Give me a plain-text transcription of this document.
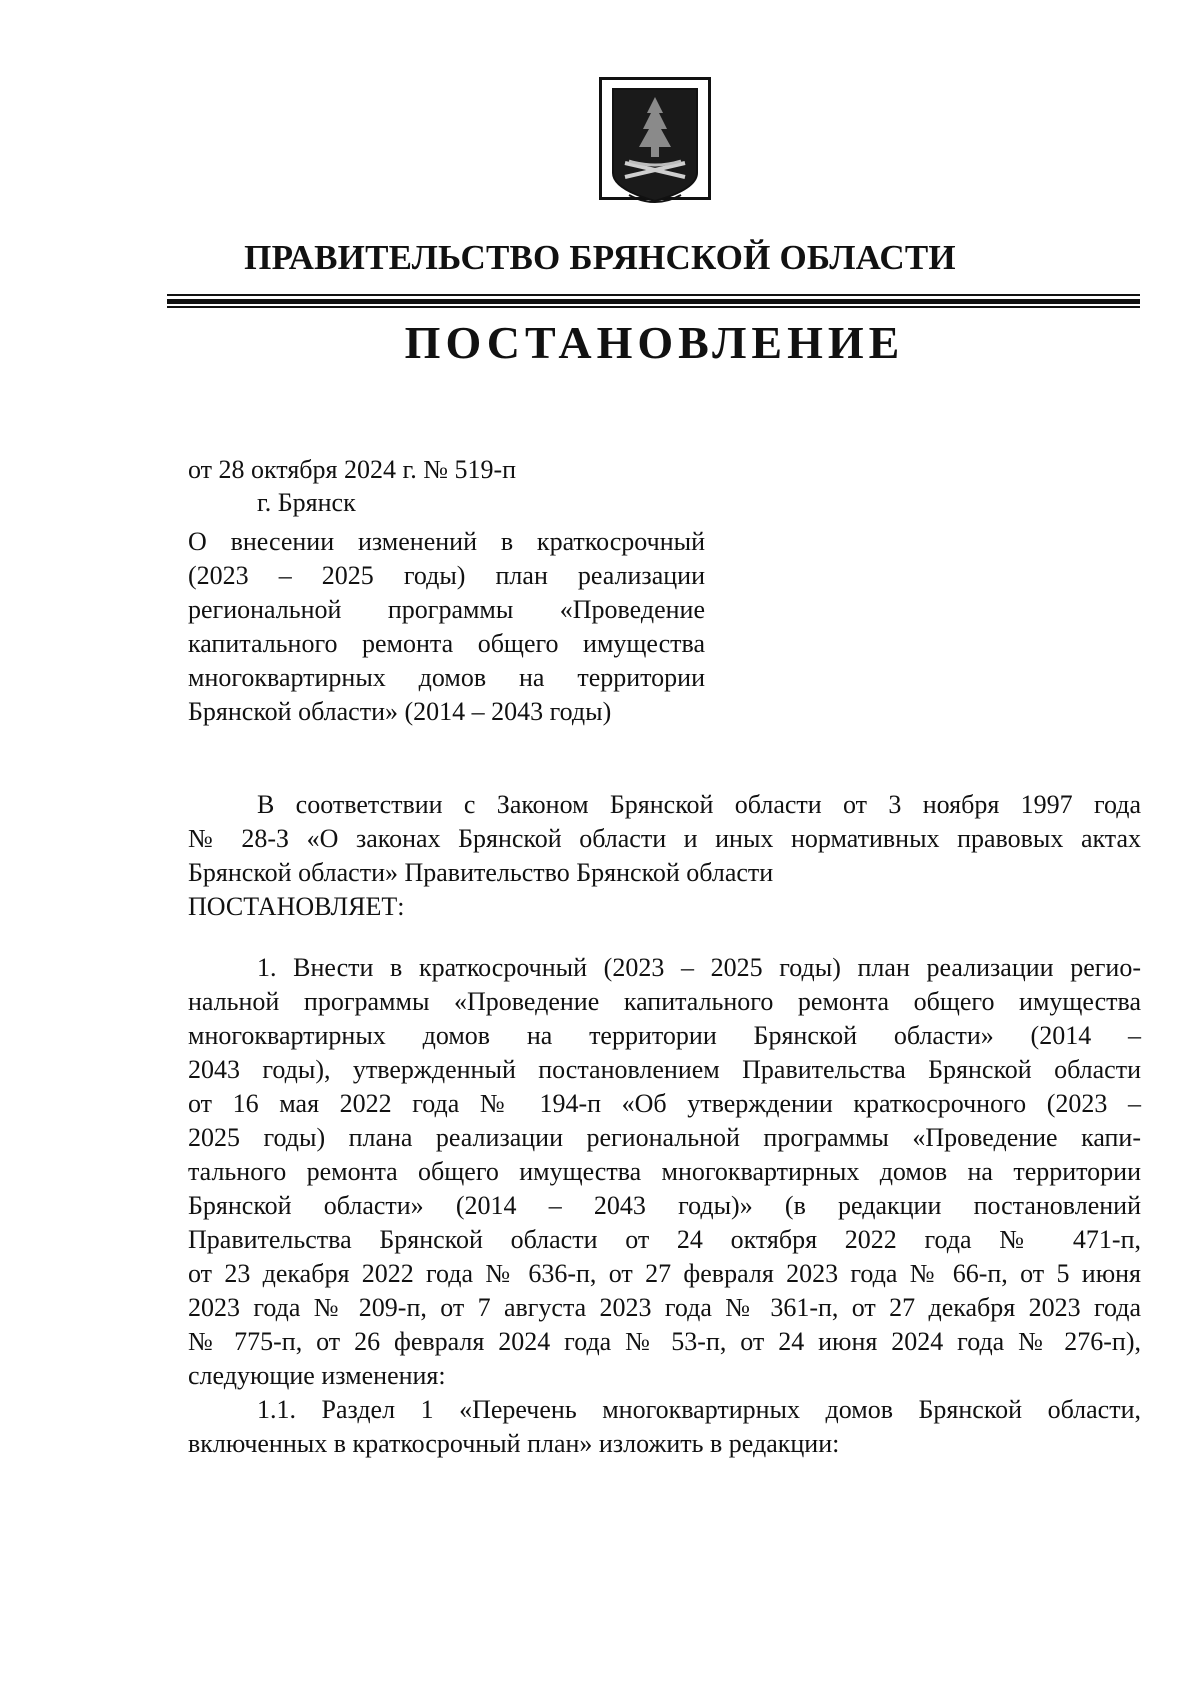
ПРАВИТЕЛЬСТВО БРЯНСКОЙ ОБЛАСТИ
ПОСТАНОВЛЕНИЕ
от 28 октября 2024 г. № 519-п
г. Брянск
О внесении изменений в краткосрочный
(2023 – 2025 годы) план реализации
региональной программы «Проведение
капитального ремонта общего имущества
многоквартирных домов на территории
Брянской области» (2014 – 2043 годы)
В соответствии с Законом Брянской области от 3 ноября 1997 года
№ 28-З «О законах Брянской области и иных нормативных правовых актах
Брянской области» Правительство Брянской области
ПОСТАНОВЛЯЕТ:
1. Внести в краткосрочный (2023 – 2025 годы) план реализации регио-
нальной программы «Проведение капитального ремонта общего имущества
многоквартирных домов на территории Брянской области» (2014 –
2043 годы), утвержденный постановлением Правительства Брянской области
от 16 мая 2022 года № 194-п «Об утверждении краткосрочного (2023 –
2025 годы) плана реализации региональной программы «Проведение капи-
тального ремонта общего имущества многоквартирных домов на территории
Брянской области» (2014 – 2043 годы)» (в редакции постановлений
Правительства Брянской области от 24 октября 2022 года № 471-п,
от 23 декабря 2022 года № 636-п, от 27 февраля 2023 года № 66-п, от 5 июня
2023 года № 209-п, от 7 августа 2023 года № 361-п, от 27 декабря 2023 года
№ 775-п, от 26 февраля 2024 года № 53-п, от 24 июня 2024 года № 276-п),
следующие изменения:
1.1. Раздел 1 «Перечень многоквартирных домов Брянской области,
включенных в краткосрочный план» изложить в редакции:
